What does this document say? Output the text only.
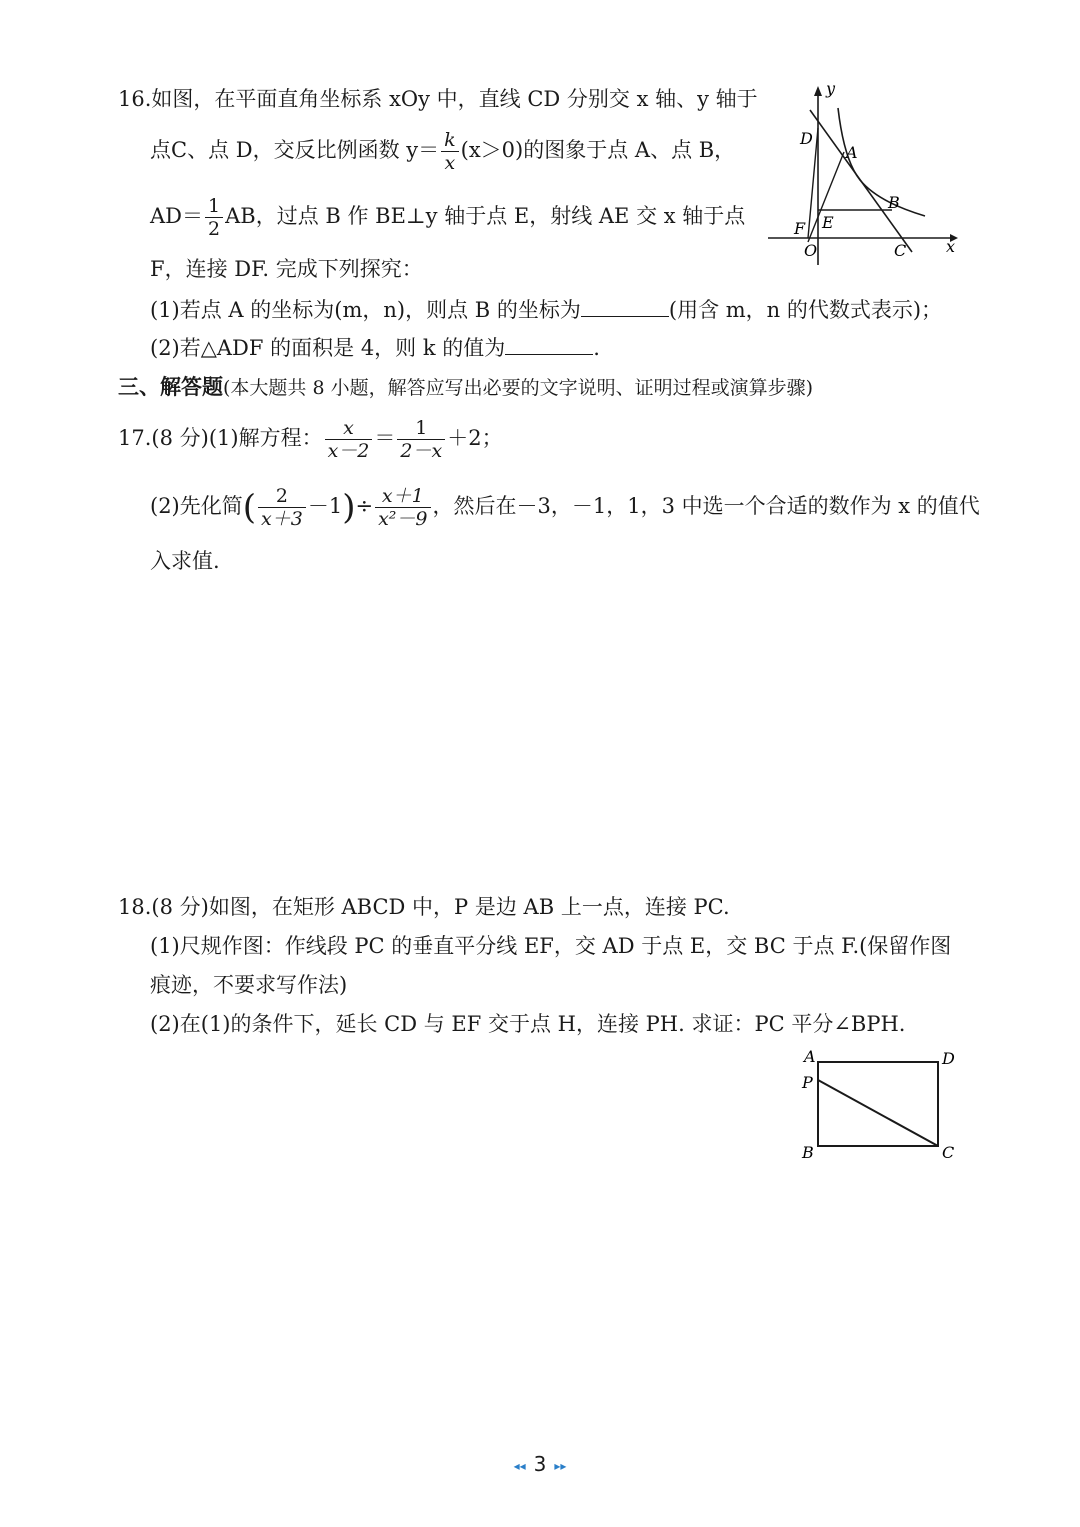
16.如图，在平面直角坐标系 xOy 中，直线 CD 分别交 x 轴、y 轴于
点C、点 D，交反比例函数 $y= \frac{k}{x} (x>0)$的图象于点 A、点 B，
$AD= \frac{1}{2}$ AB，过点 B 作 BE⊥y 轴于点 E，射线 AE 交 x 轴于点
F，连接 DF. 完成下列探究：
(1)若点 A 的坐标为(m，n)，则点 B 的坐标为	(用含 m，n 的代数式表示)；
(2)若△ADF 的面积是 4，则 k 的值为	.
y
x
D
A
B
E
F
O	C
三、解答题(本大题共 8 小题，解答应写出必要的文字说明、证明过程或演算步骤)
17.(8 分)(1)解方程： $\frac{x}{x-2} = \frac{1}{2-x} +2$；
(2)先化简( $\frac{2}{x+3} -1)\div \frac{x+1}{\text{x²－9}}$ ，然后在－3，－1，1，3 中选一个合适的数作为 x 的值代
入求值.
18.(8 分)如图，在矩形 ABCD 中，P 是边 AB 上一点，连接 PC.
(1)尺规作图：作线段 PC 的垂直平分线 EF，交 AD 于点 E，交 BC 于点 F.(保留作图
痕迹，不要求写作法)
(2)在(1)的条件下，延长 CD 与 EF 交于点 H，连接 PH. 求证：PC 平分∠BPH.
A	D
P
B	C
◂◂ 3 ▸▸
